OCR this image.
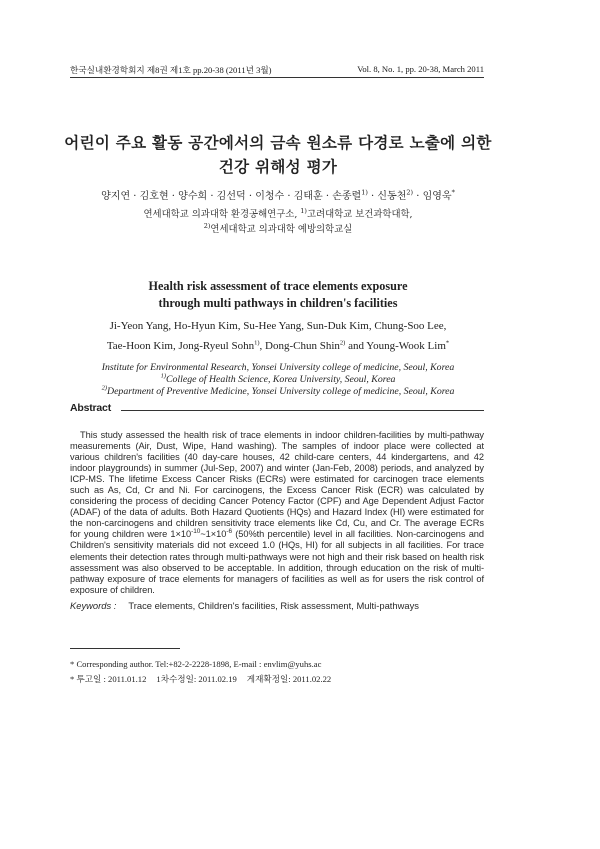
한국실내환경학회지 제8권 제1호 pp.20-38 (2011년 3월)	Vol. 8, No. 1, pp. 20-38, March 2011
어린이 주요 활동 공간에서의 금속 원소류 다경로 노출에 의한
건강 위해성 평가
양지연 · 김호현 · 양수희 · 김선덕 · 이청수 · 김태훈 · 손종렬$^{1)}$ · 신동천$^{2)}$ · 임영욱*
연세대학교 의과대학 환경공해연구소, $^{1)}$고려대학교 보건과학대학,
$^{2)}$연세대학교 의과대학 예방의학교실
Health risk assessment of trace elements exposure
through multi pathways in children's facilities
Ji-Yeon Yang, Ho-Hyun Kim, Su-Hee Yang, Sun-Duk Kim, Chung-Soo Lee,
Tae-Hoon Kim, Jong-Ryeul Sohn$^{1)}$, Dong-Chun Shin$^{2)}$ and Young-Wook Lim*
Institute for Environmental Research, Yonsei University college of medicine, Seoul, Korea
$^{1)}$College of Health Science, Korea University, Seoul, Korea
$^{2)}$Department of Preventive Medicine, Yonsei University college of medicine, Seoul, Korea
Abstract
This study assessed the health risk of trace elements in indoor children-facilities by multi-pathway measurements (Air, Dust, Wipe, Hand washing). The samples of indoor place were collected at various children's facilities (40 day-care houses, 42 child-care centers, 44 kindergartens, and 42 indoor playgrounds) in summer (Jul-Sep, 2007) and winter (Jan-Feb, 2008) periods, and analyzed by ICP-MS. The lifetime Excess Cancer Risks (ECRs) were estimated for carcinogen trace elements such as As, Cd, Cr and Ni. For carcinogens, the Excess Cancer Risk (ECR) was calculated by considering the process of deciding Cancer Potency Factor (CPF) and Age Dependent Adjust Factor (ADAF) of the data of adults. Both Hazard Quotients (HQs) and Hazard Index (HI) were estimated for the non-carcinogens and children sensitivity trace elements like Cd, Cu, and Cr. The average ECRs for young children were $1\times 10^{-10}\sim 1\times 10^{-6}$ (50%th percentile) level in all facilities. Non-carcinogens and Children's sensitivity materials did not exceed 1.0 (HQs, HI) for all subjects in all facilities. For trace elements their detection rates through multi-pathways were not high and their risk based on health risk assessment was also observed to be acceptable. In addition, through education on the risk of multi-pathway exposure of trace elements for managers of facilities as well as for users the risk control of exposure of children.
Keywords : Trace elements, Children's facilities, Risk assessment, Multi-pathways
* Corresponding author. Tel:+82-2-2228-1898, E-mail : envlim@yuhs.ac
* 투고일 : 2011.01.12 1차수정일: 2011.02.19 게재확정일: 2011.02.22
